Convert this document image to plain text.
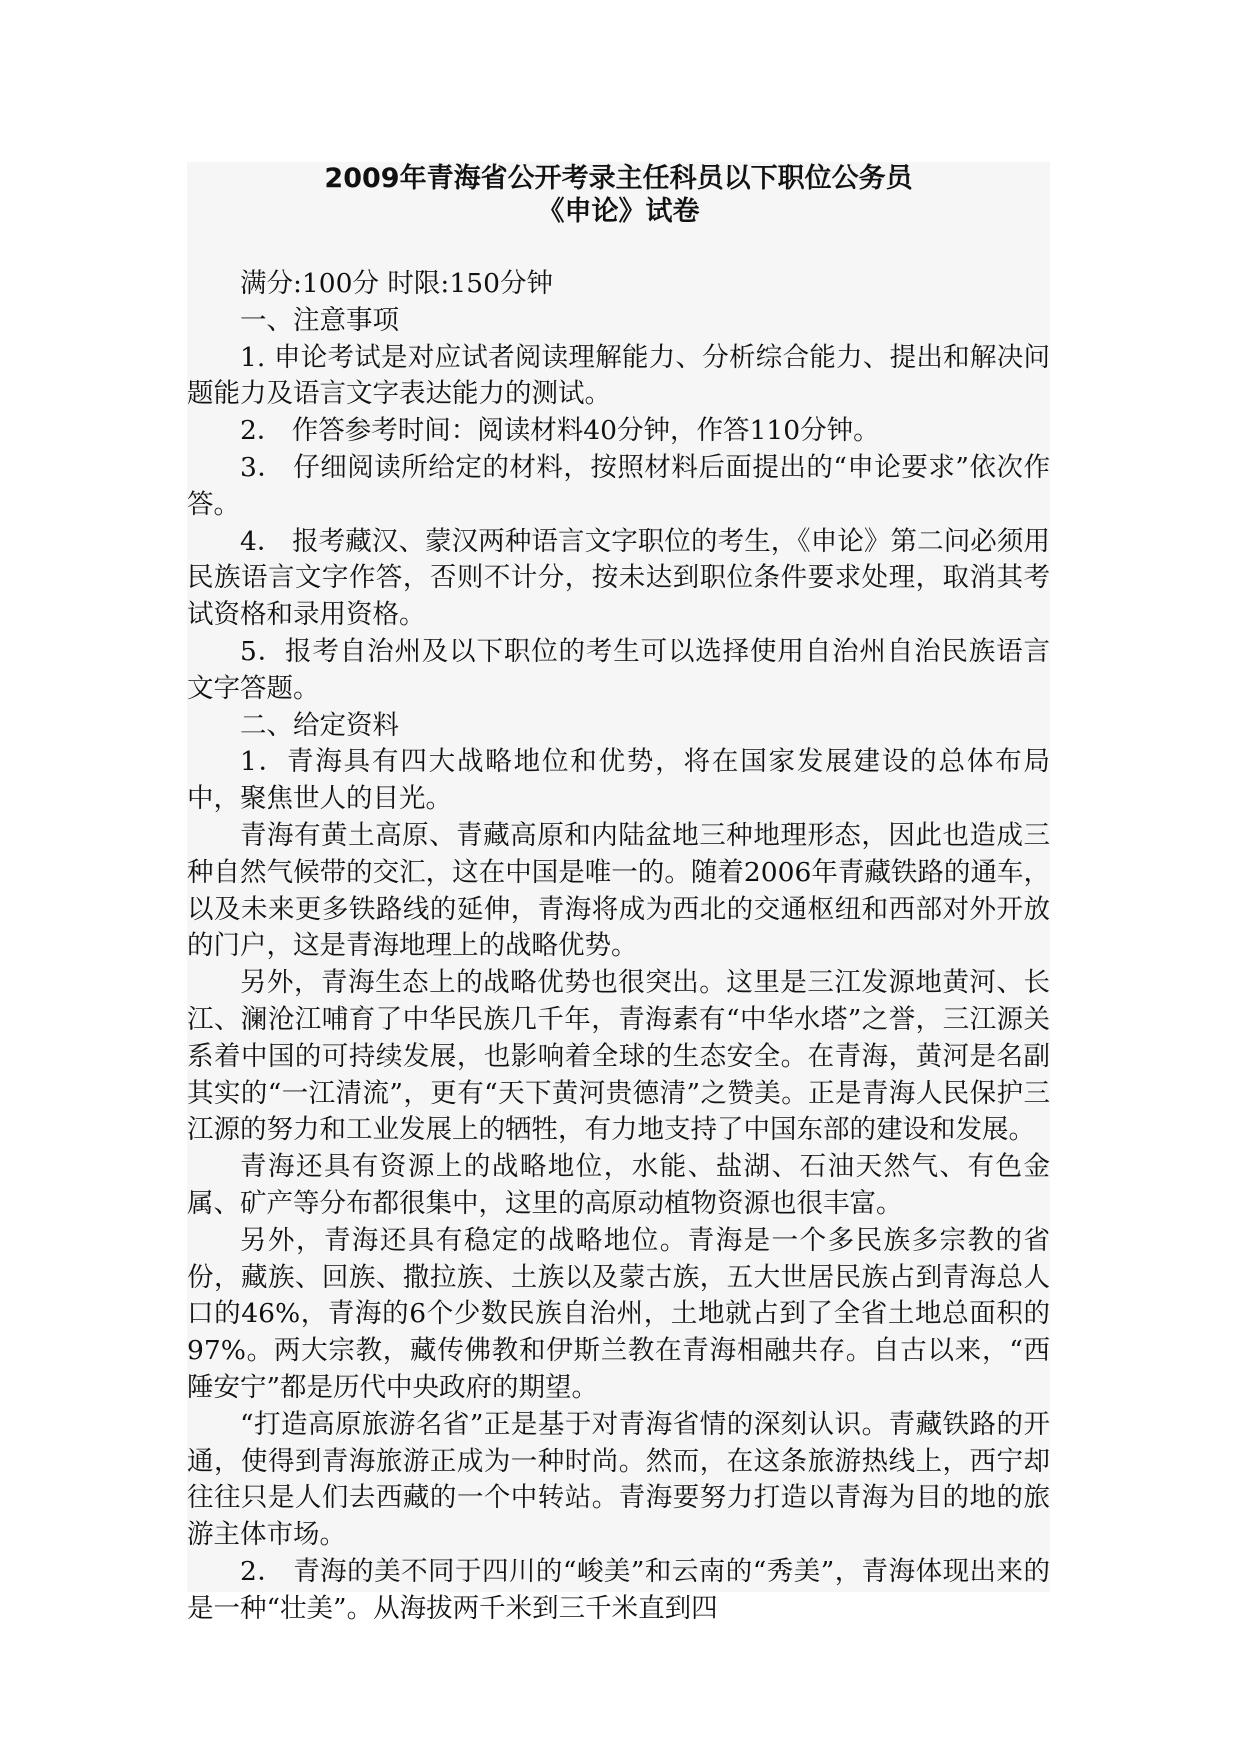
2009年青海省公开考录主任科员以下职位公务员
《申论》试卷

满分:100分 时限:150分钟

一、注意事项

1. 申论考试是对应试者阅读理解能力、分析综合能力、提出和解决问题能力及语言文字表达能力的测试。

2． 作答参考时间：阅读材料40分钟，作答110分钟。

3． 仔细阅读所给定的材料，按照材料后面提出的“申论要求”依次作答。

4． 报考藏汉、蒙汉两种语言文字职位的考生，《申论》第二问必须用民族语言文字作答，否则不计分，按未达到职位条件要求处理，取消其考试资格和录用资格。

5．报考自治州及以下职位的考生可以选择使用自治州自治民族语言文字答题。

二、给定资料

1．青海具有四大战略地位和优势，将在国家发展建设的总体布局中，聚焦世人的目光。

青海有黄土高原、青藏高原和内陆盆地三种地理形态，因此也造成三种自然气候带的交汇，这在中国是唯一的。随着2006年青藏铁路的通车，以及未来更多铁路线的延伸，青海将成为西北的交通枢纽和西部对外开放的门户，这是青海地理上的战略优势。

另外，青海生态上的战略优势也很突出。这里是三江发源地黄河、长江、澜沧江哺育了中华民族几千年，青海素有“中华水塔”之誉，三江源关系着中国的可持续发展，也影响着全球的生态安全。在青海，黄河是名副其实的“一江清流”，更有“天下黄河贵德清”之赞美。正是青海人民保护三江源的努力和工业发展上的牺牲，有力地支持了中国东部的建设和发展。

青海还具有资源上的战略地位，水能、盐湖、石油天然气、有色金属、矿产等分布都很集中，这里的高原动植物资源也很丰富。

另外，青海还具有稳定的战略地位。青海是一个多民族多宗教的省份，藏族、回族、撒拉族、土族以及蒙古族，五大世居民族占到青海总人口的46%，青海的6个少数民族自治州，土地就占到了全省土地总面积的97%。两大宗教，藏传佛教和伊斯兰教在青海相融共存。自古以来，“西陲安宁”都是历代中央政府的期望。

“打造高原旅游名省”正是基于对青海省情的深刻认识。青藏铁路的开通，使得到青海旅游正成为一种时尚。然而，在这条旅游热线上，西宁却往往只是人们去西藏的一个中转站。青海要努力打造以青海为目的地的旅游主体市场。

2． 青海的美不同于四川的“峻美”和云南的“秀美”，青海体现出来的是一种“壮美”。从海拔两千米到三千米直到四
